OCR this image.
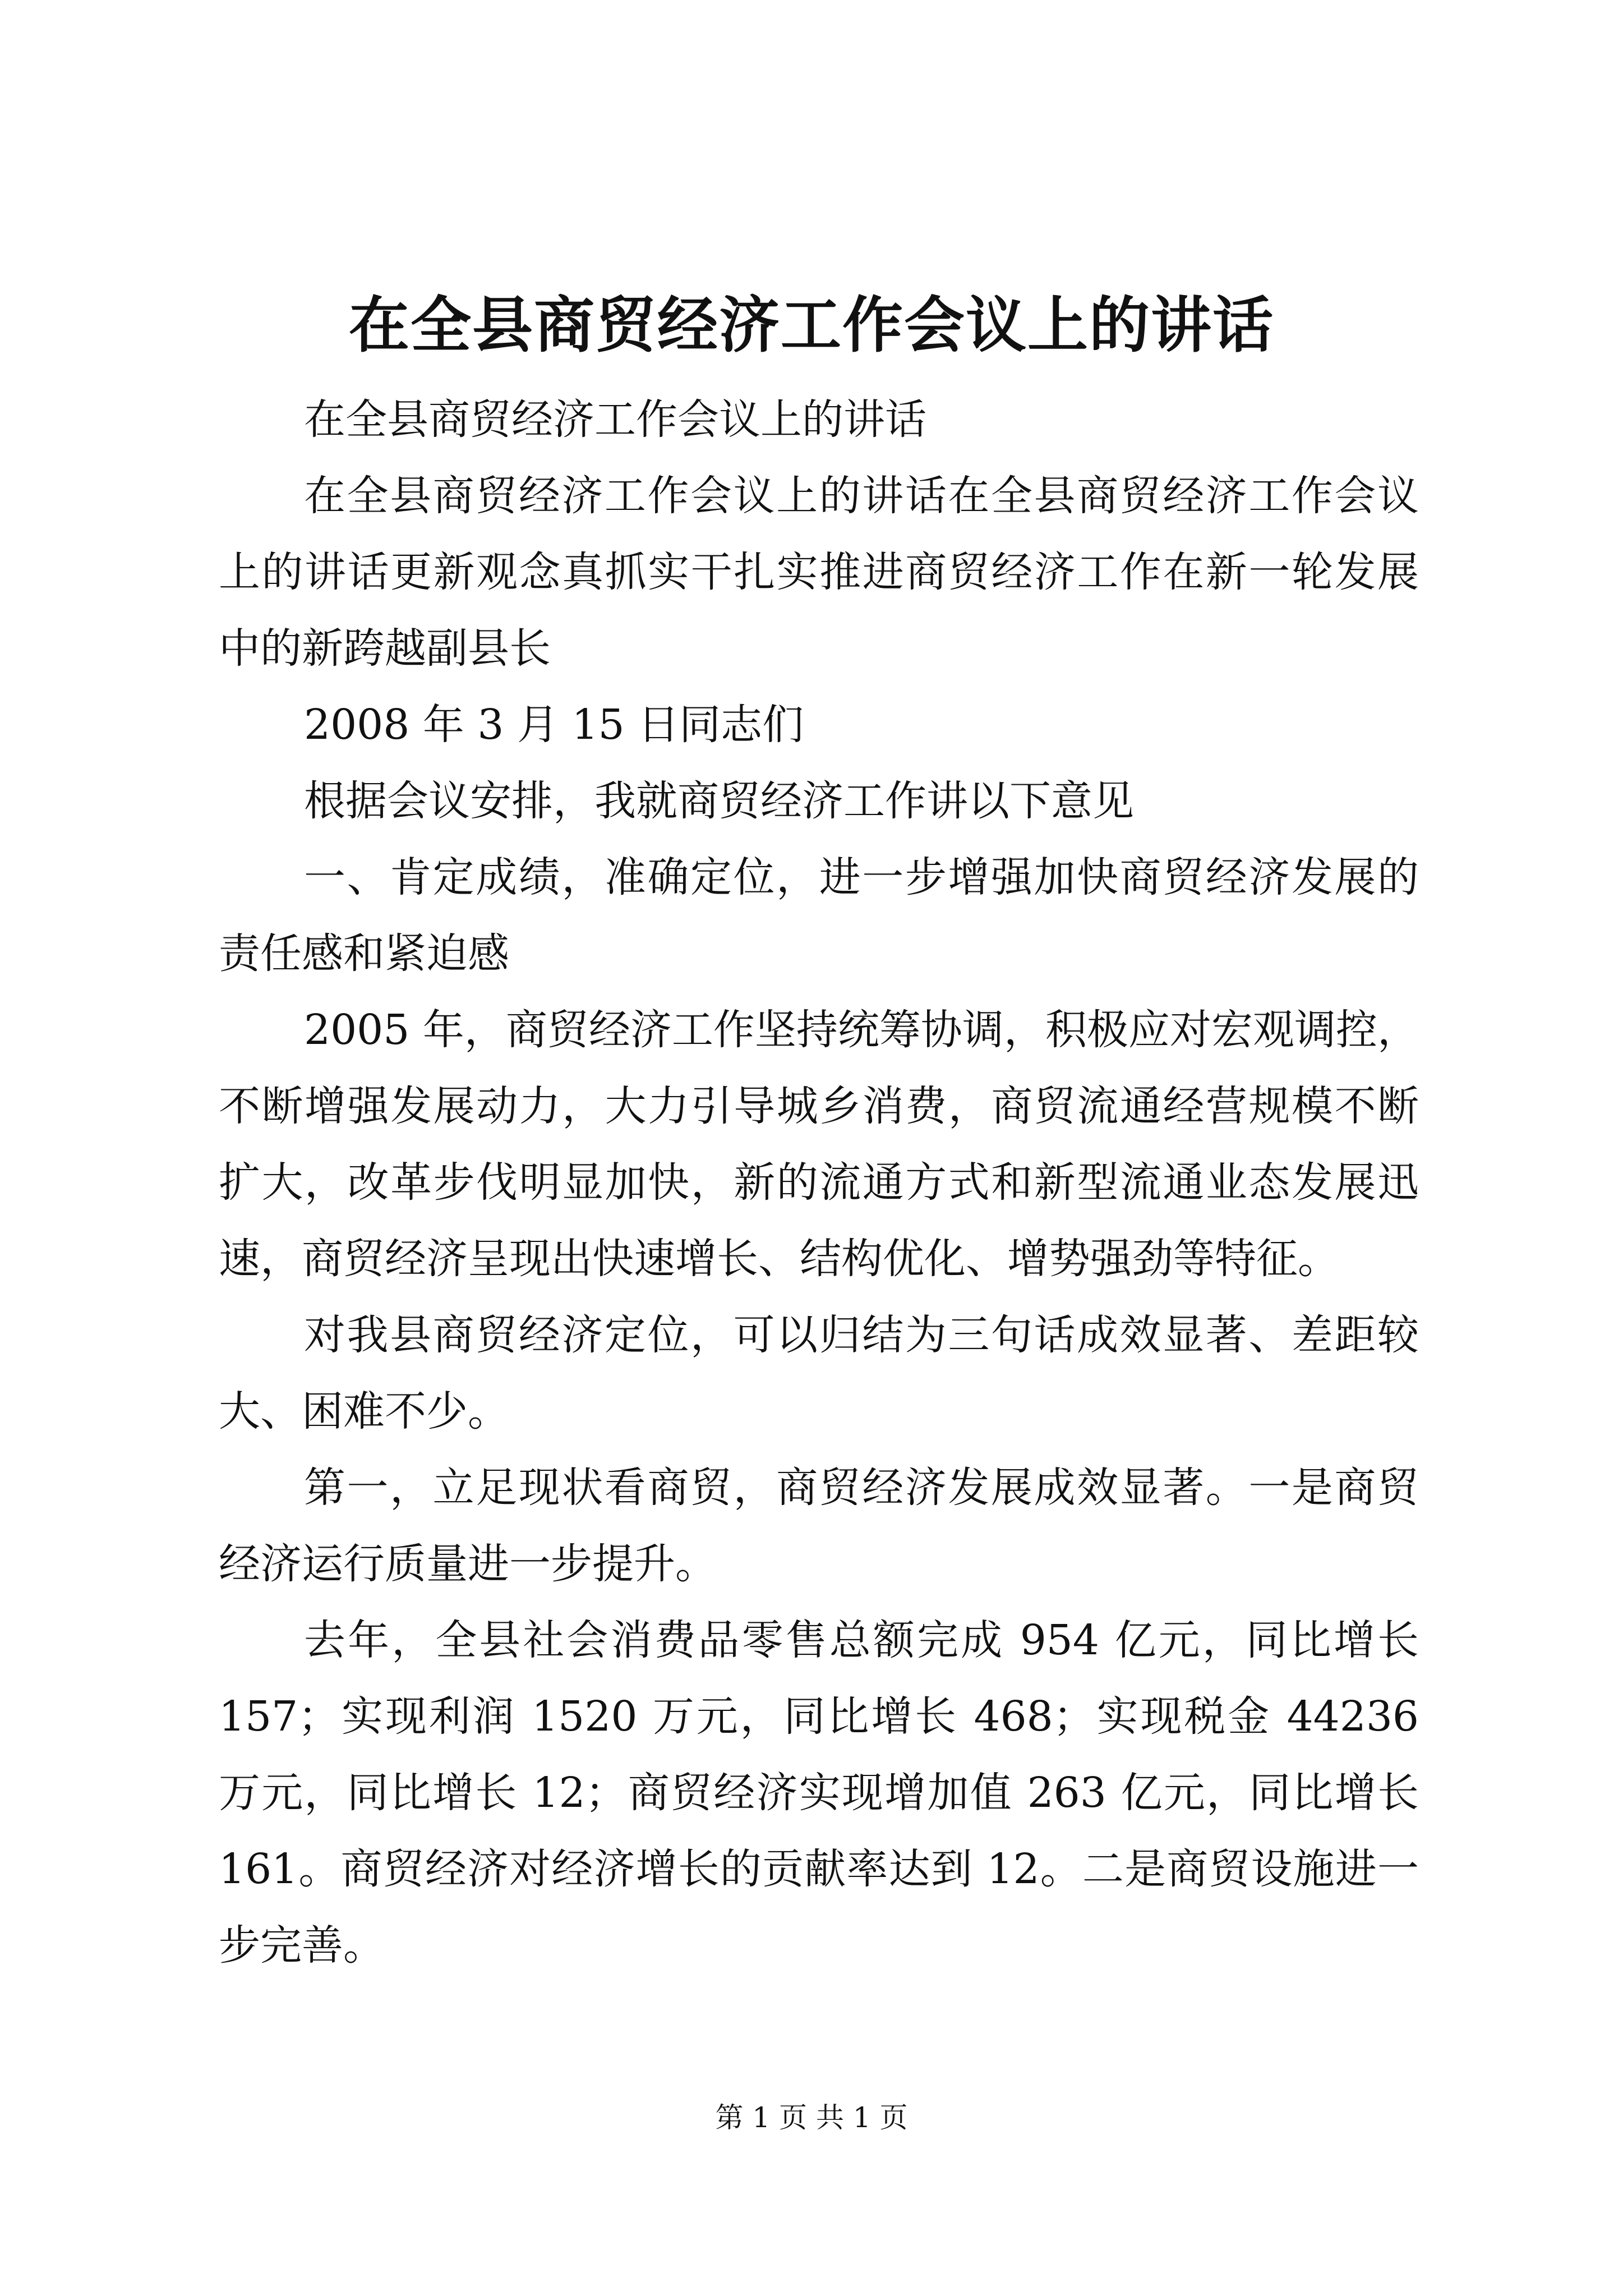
在全县商贸经济工作会议上的讲话

在全县商贸经济工作会议上的讲话

在全县商贸经济工作会议上的讲话在全县商贸经济工作会议上的讲话更新观念真抓实干扎实推进商贸经济工作在新一轮发展中的新跨越副县长

2008 年 3 月 15 日同志们

根据会议安排，我就商贸经济工作讲以下意见

一、肯定成绩，准确定位，进一步增强加快商贸经济发展的责任感和紧迫感

2005 年，商贸经济工作坚持统筹协调，积极应对宏观调控，不断增强发展动力，大力引导城乡消费，商贸流通经营规模不断扩大，改革步伐明显加快，新的流通方式和新型流通业态发展迅速，商贸经济呈现出快速增长、结构优化、增势强劲等特征。

对我县商贸经济定位，可以归结为三句话成效显著、差距较大、困难不少。

第一，立足现状看商贸，商贸经济发展成效显著。一是商贸经济运行质量进一步提升。

去年，全县社会消费品零售总额完成 954 亿元，同比增长 157；实现利润 1520 万元，同比增长 468；实现税金 44236 万元，同比增长 12；商贸经济实现增加值 263 亿元，同比增长 161。商贸经济对经济增长的贡献率达到 12。二是商贸设施进一步完善。

第 1 页 共 1 页
